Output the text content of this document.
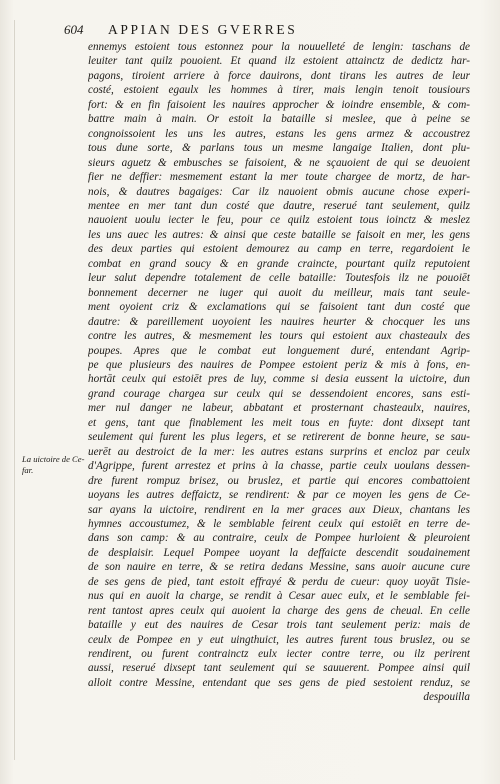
604 APPIAN DES GVERRES
La uictoire de Ce-
far.
ennemys estoient tous estonnez pour la nouuelleté de lengin: taschans de
leuiter tant quilz pouoient. Et quand ilz estoient attainctz de dedictz har-
pagons, tiroient arriere à force dauirons, dont tirans les autres de leur
costé, estoient egaulx les hommes à tirer, mais lengin tenoit tousiours
fort: & en fin faisoient les nauires approcher & ioindre ensemble, & com-
battre main à main. Or estoit la bataille si meslee, que à peine se
congnoissoient les uns les autres, estans les gens armez & accoustrez
tous dune sorte, & parlans tous un mesme langaige Italien, dont plu-
sieurs aguetz & embusches se faisoient, & ne sçauoient de qui se deuoient
fier ne deffier: mesmement estant la mer toute chargee de mortz, de har-
nois, & dautres bagaiges: Car ilz nauoient obmis aucune chose experi-
mentee en mer tant dun costé que dautre, reserué tant seulement, quilz
nauoient uoulu iecter le feu, pour ce quilz estoient tous ioinctz & meslez
les uns auec les autres: & ainsi que ceste bataille se faisoit en mer, les gens
des deux parties qui estoient demourez au camp en terre, regardoient le
combat en grand soucy & en grande craincte, pourtant quilz reputoient
leur salut dependre totalement de celle bataille: Toutesfois ilz ne pouoiēt
bonnement decerner ne iuger qui auoit du meilleur, mais tant seule-
ment oyoient criz & exclamations qui se faisoient tant dun costé que
dautre: & pareillement uoyoient les nauires heurter & chocquer les uns
contre les autres, & mesmement les tours qui estoient aux chasteaulx des
poupes. Apres que le combat eut longuement duré, entendant Agrip-
pe que plusieurs des nauires de Pompee estoient periz & mis à fons, en-
hortāt ceulx qui estoiēt pres de luy, comme si desia eussent la uictoire, dun
grand courage chargea sur ceulx qui se dessendoient encores, sans esti-
mer nul danger ne labeur, abbatant et prosternant chasteaulx, nauires,
et gens, tant que finablement les meit tous en fuyte: dont dixsept tant
seulement qui furent les plus legers, et se retirerent de bonne heure, se sau-
uerēt au destroict de la mer: les autres estans surprins et encloz par ceulx
d'Agrippe, furent arrestez et prins à la chasse, partie ceulx uoulans dessen-
dre furent rompuz brisez, ou bruslez, et partie qui encores combattoient
uoyans les autres deffaictz, se rendirent: & par ce moyen les gens de Ce-
sar ayans la uictoire, rendirent en la mer graces aux Dieux, chantans les
hymnes accoustumez, & le semblable feirent ceulx qui estoiēt en terre de-
dans son camp: & au contraire, ceulx de Pompee hurloient & pleuroient
de desplaisir. Lequel Pompee uoyant la deffaicte descendit soudainement
de son nauire en terre, & se retira dedans Messine, sans auoir aucune cure
de ses gens de pied, tant estoit effrayé & perdu de cueur: quoy uoyāt Tisie-
nus qui en auoit la charge, se rendit à Cesar auec eulx, et le semblable fei-
rent tantost apres ceulx qui auoient la charge des gens de cheual. En celle
bataille y eut des nauires de Cesar trois tant seulement periz: mais de
ceulx de Pompee en y eut uingthuict, les autres furent tous bruslez, ou se
rendirent, ou furent contrainctz eulx iecter contre terre, ou ilz perirent
aussi, reserué dixsept tant seulement qui se sauuerent. Pompee ainsi quil
alloit contre Messine, entendant que ses gens de pied sestoient renduz, se
despouilla
